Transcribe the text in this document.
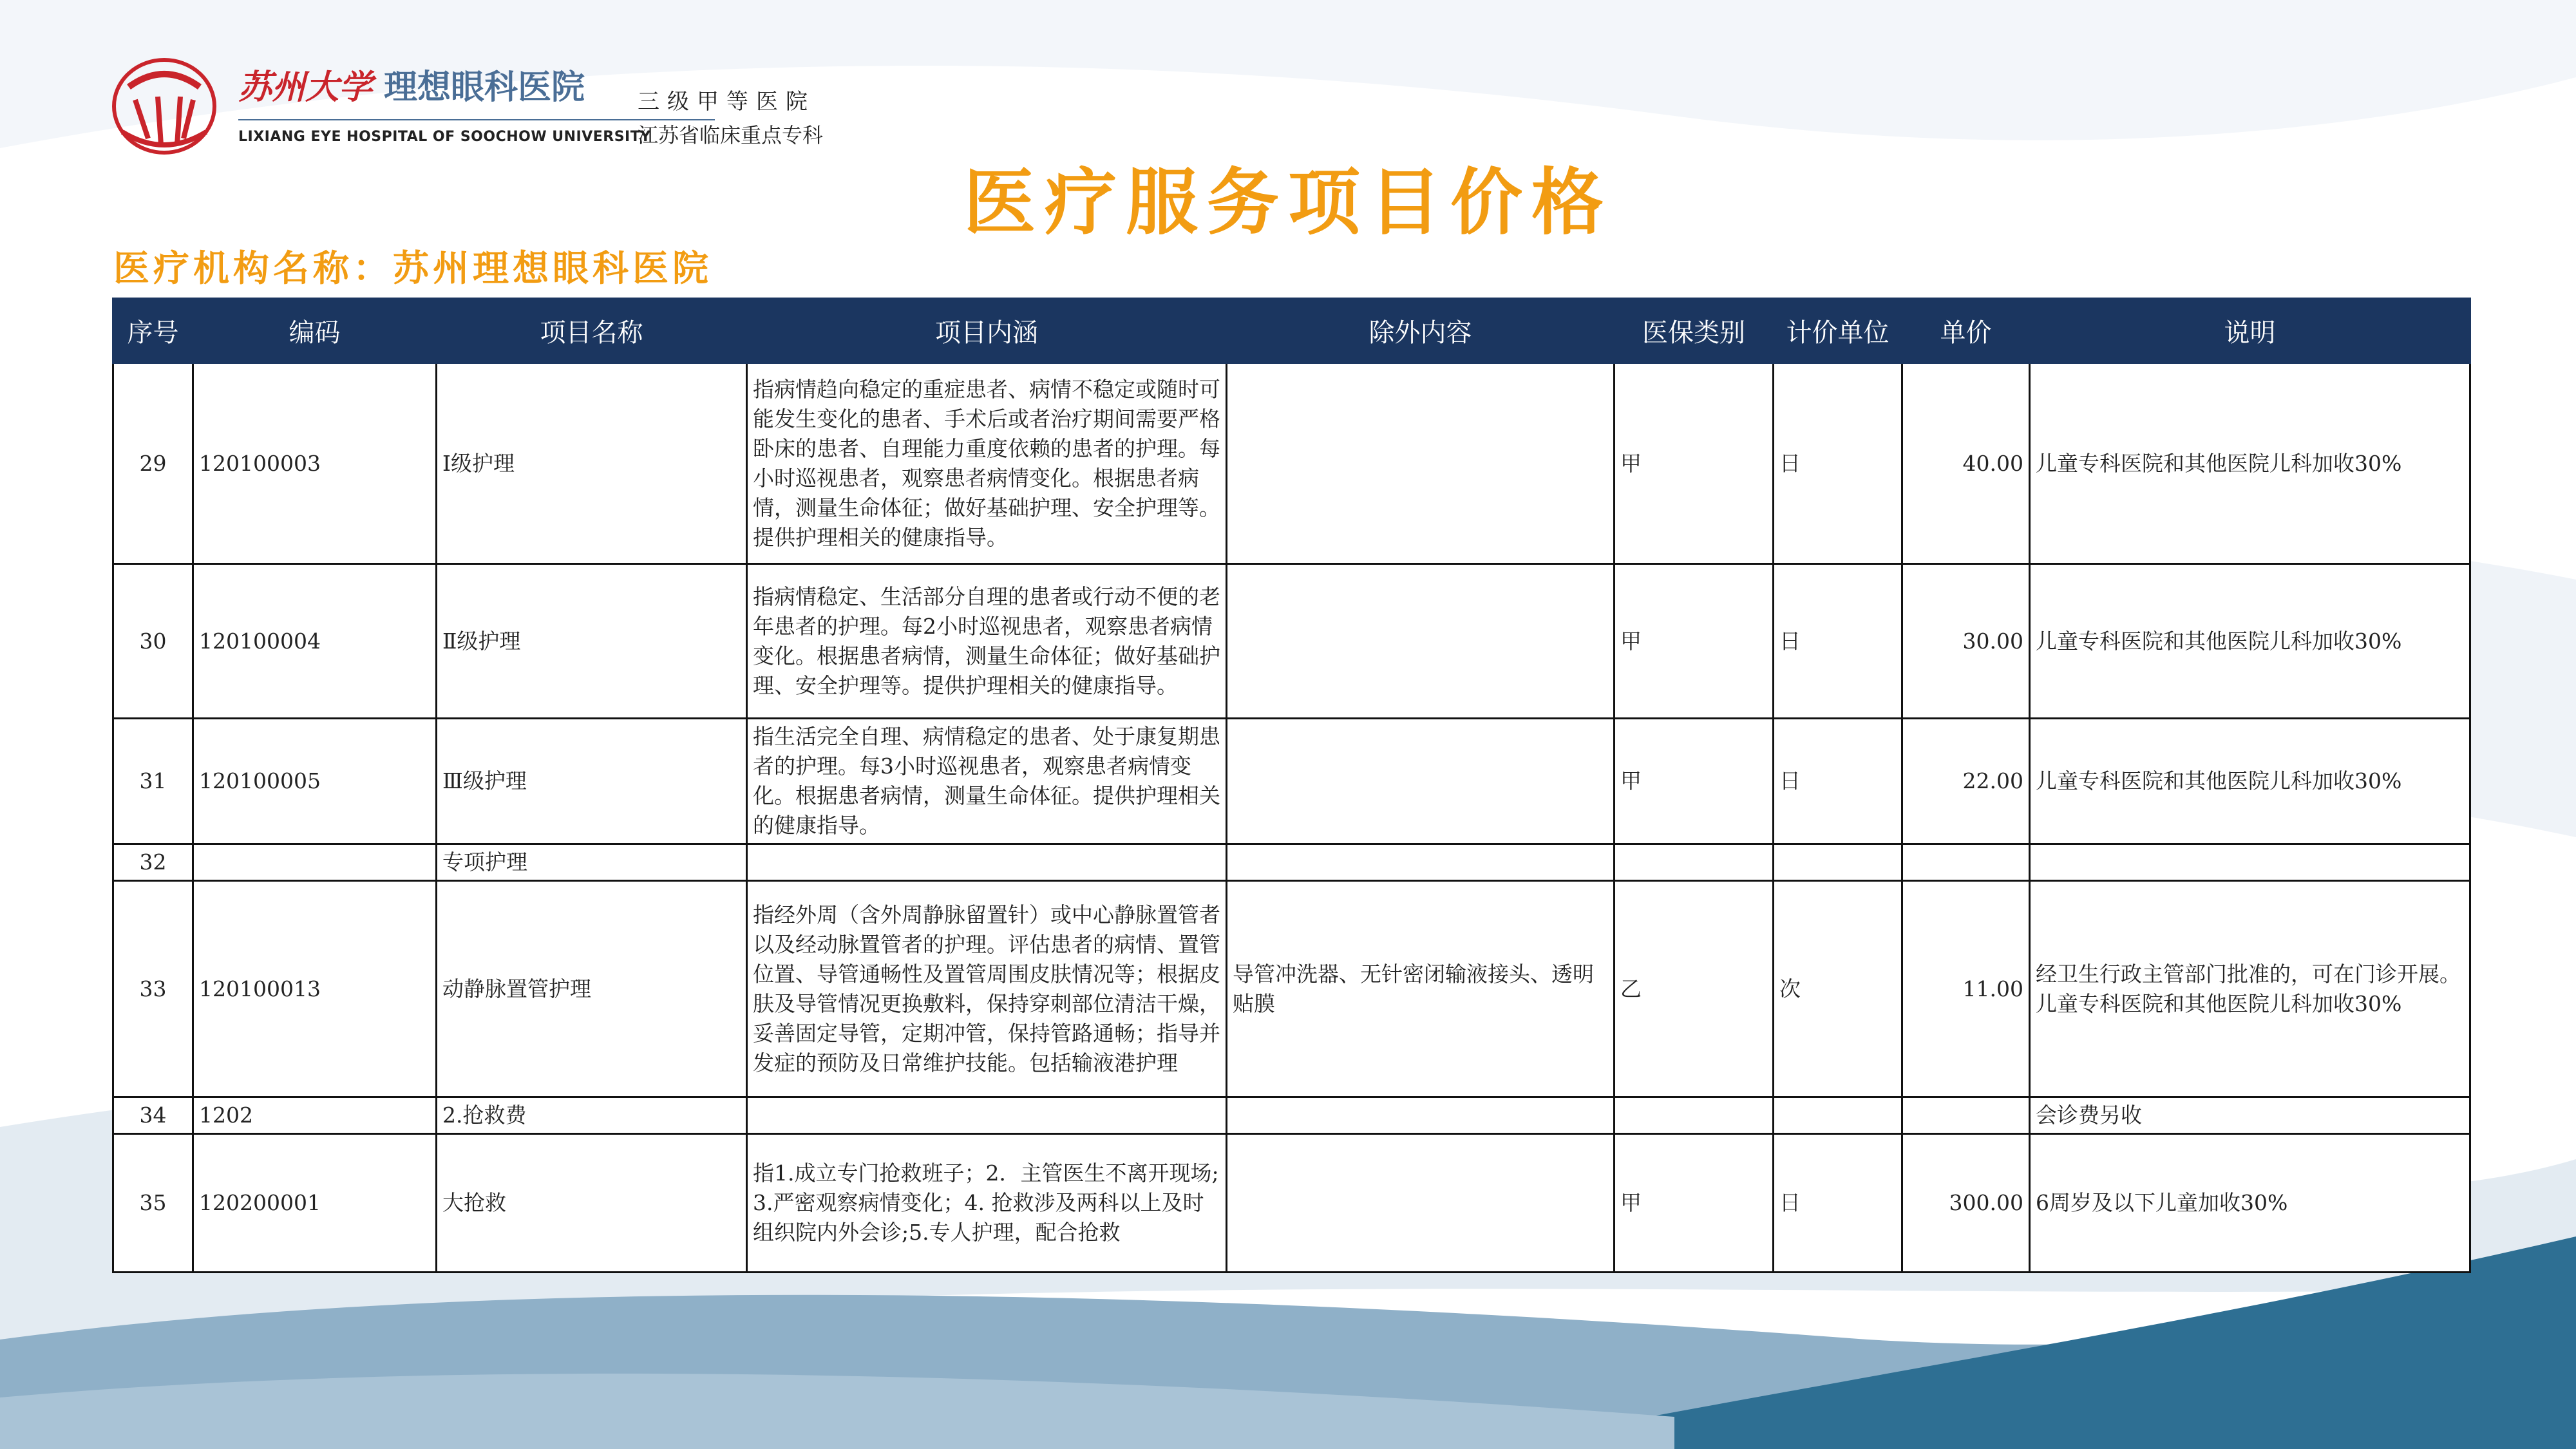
苏州大学 理想眼科医院
LIXIANG EYE HOSPITAL OF SOOCHOW UNIVERSITY
三级甲等医院
江苏省临床重点专科
医疗服务项目价格
医疗机构名称：苏州理想眼科医院
序号	编码	项目名称	项目内涵	除外内容	医保类别	计价单位	单价	说明
29	120100003	Ⅰ级护理	指病情趋向稳定的重症患者、病情不稳定或随时可能发生变化的患者、手术后或者治疗期间需要严格卧床的患者、自理能力重度依赖的患者的护理。每小时巡视患者，观察患者病情变化。根据患者病情，测量生命体征；做好基础护理、安全护理等。提供护理相关的健康指导。		甲	日	40.00	儿童专科医院和其他医院儿科加收30%
30	120100004	Ⅱ级护理	指病情稳定、生活部分自理的患者或行动不便的老年患者的护理。每2小时巡视患者，观察患者病情变化。根据患者病情，测量生命体征；做好基础护理、安全护理等。提供护理相关的健康指导。		甲	日	30.00	儿童专科医院和其他医院儿科加收30%
31	120100005	Ⅲ级护理	指生活完全自理、病情稳定的患者、处于康复期患者的护理。每3小时巡视患者，观察患者病情变化。根据患者病情，测量生命体征。提供护理相关的健康指导。		甲	日	22.00	儿童专科医院和其他医院儿科加收30%
32		专项护理						
33	120100013	动静脉置管护理	指经外周（含外周静脉留置针）或中心静脉置管者以及经动脉置管者的护理。评估患者的病情、置管位置、导管通畅性及置管周围皮肤情况等；根据皮肤及导管情况更换敷料，保持穿刺部位清洁干燥，妥善固定导管，定期冲管，保持管路通畅；指导并发症的预防及日常维护技能。包括输液港护理	导管冲洗器、无针密闭输液接头、透明贴膜	乙	次	11.00	经卫生行政主管部门批准的，可在门诊开展。儿童专科医院和其他医院儿科加收30%
34	1202	2.抢救费						会诊费另收
35	120200001	大抢救	指1.成立专门抢救班子；2．主管医生不离开现场;3.严密观察病情变化；4. 抢救涉及两科以上及时组织院内外会诊;5.专人护理，配合抢救		甲	日	300.00	6周岁及以下儿童加收30%
